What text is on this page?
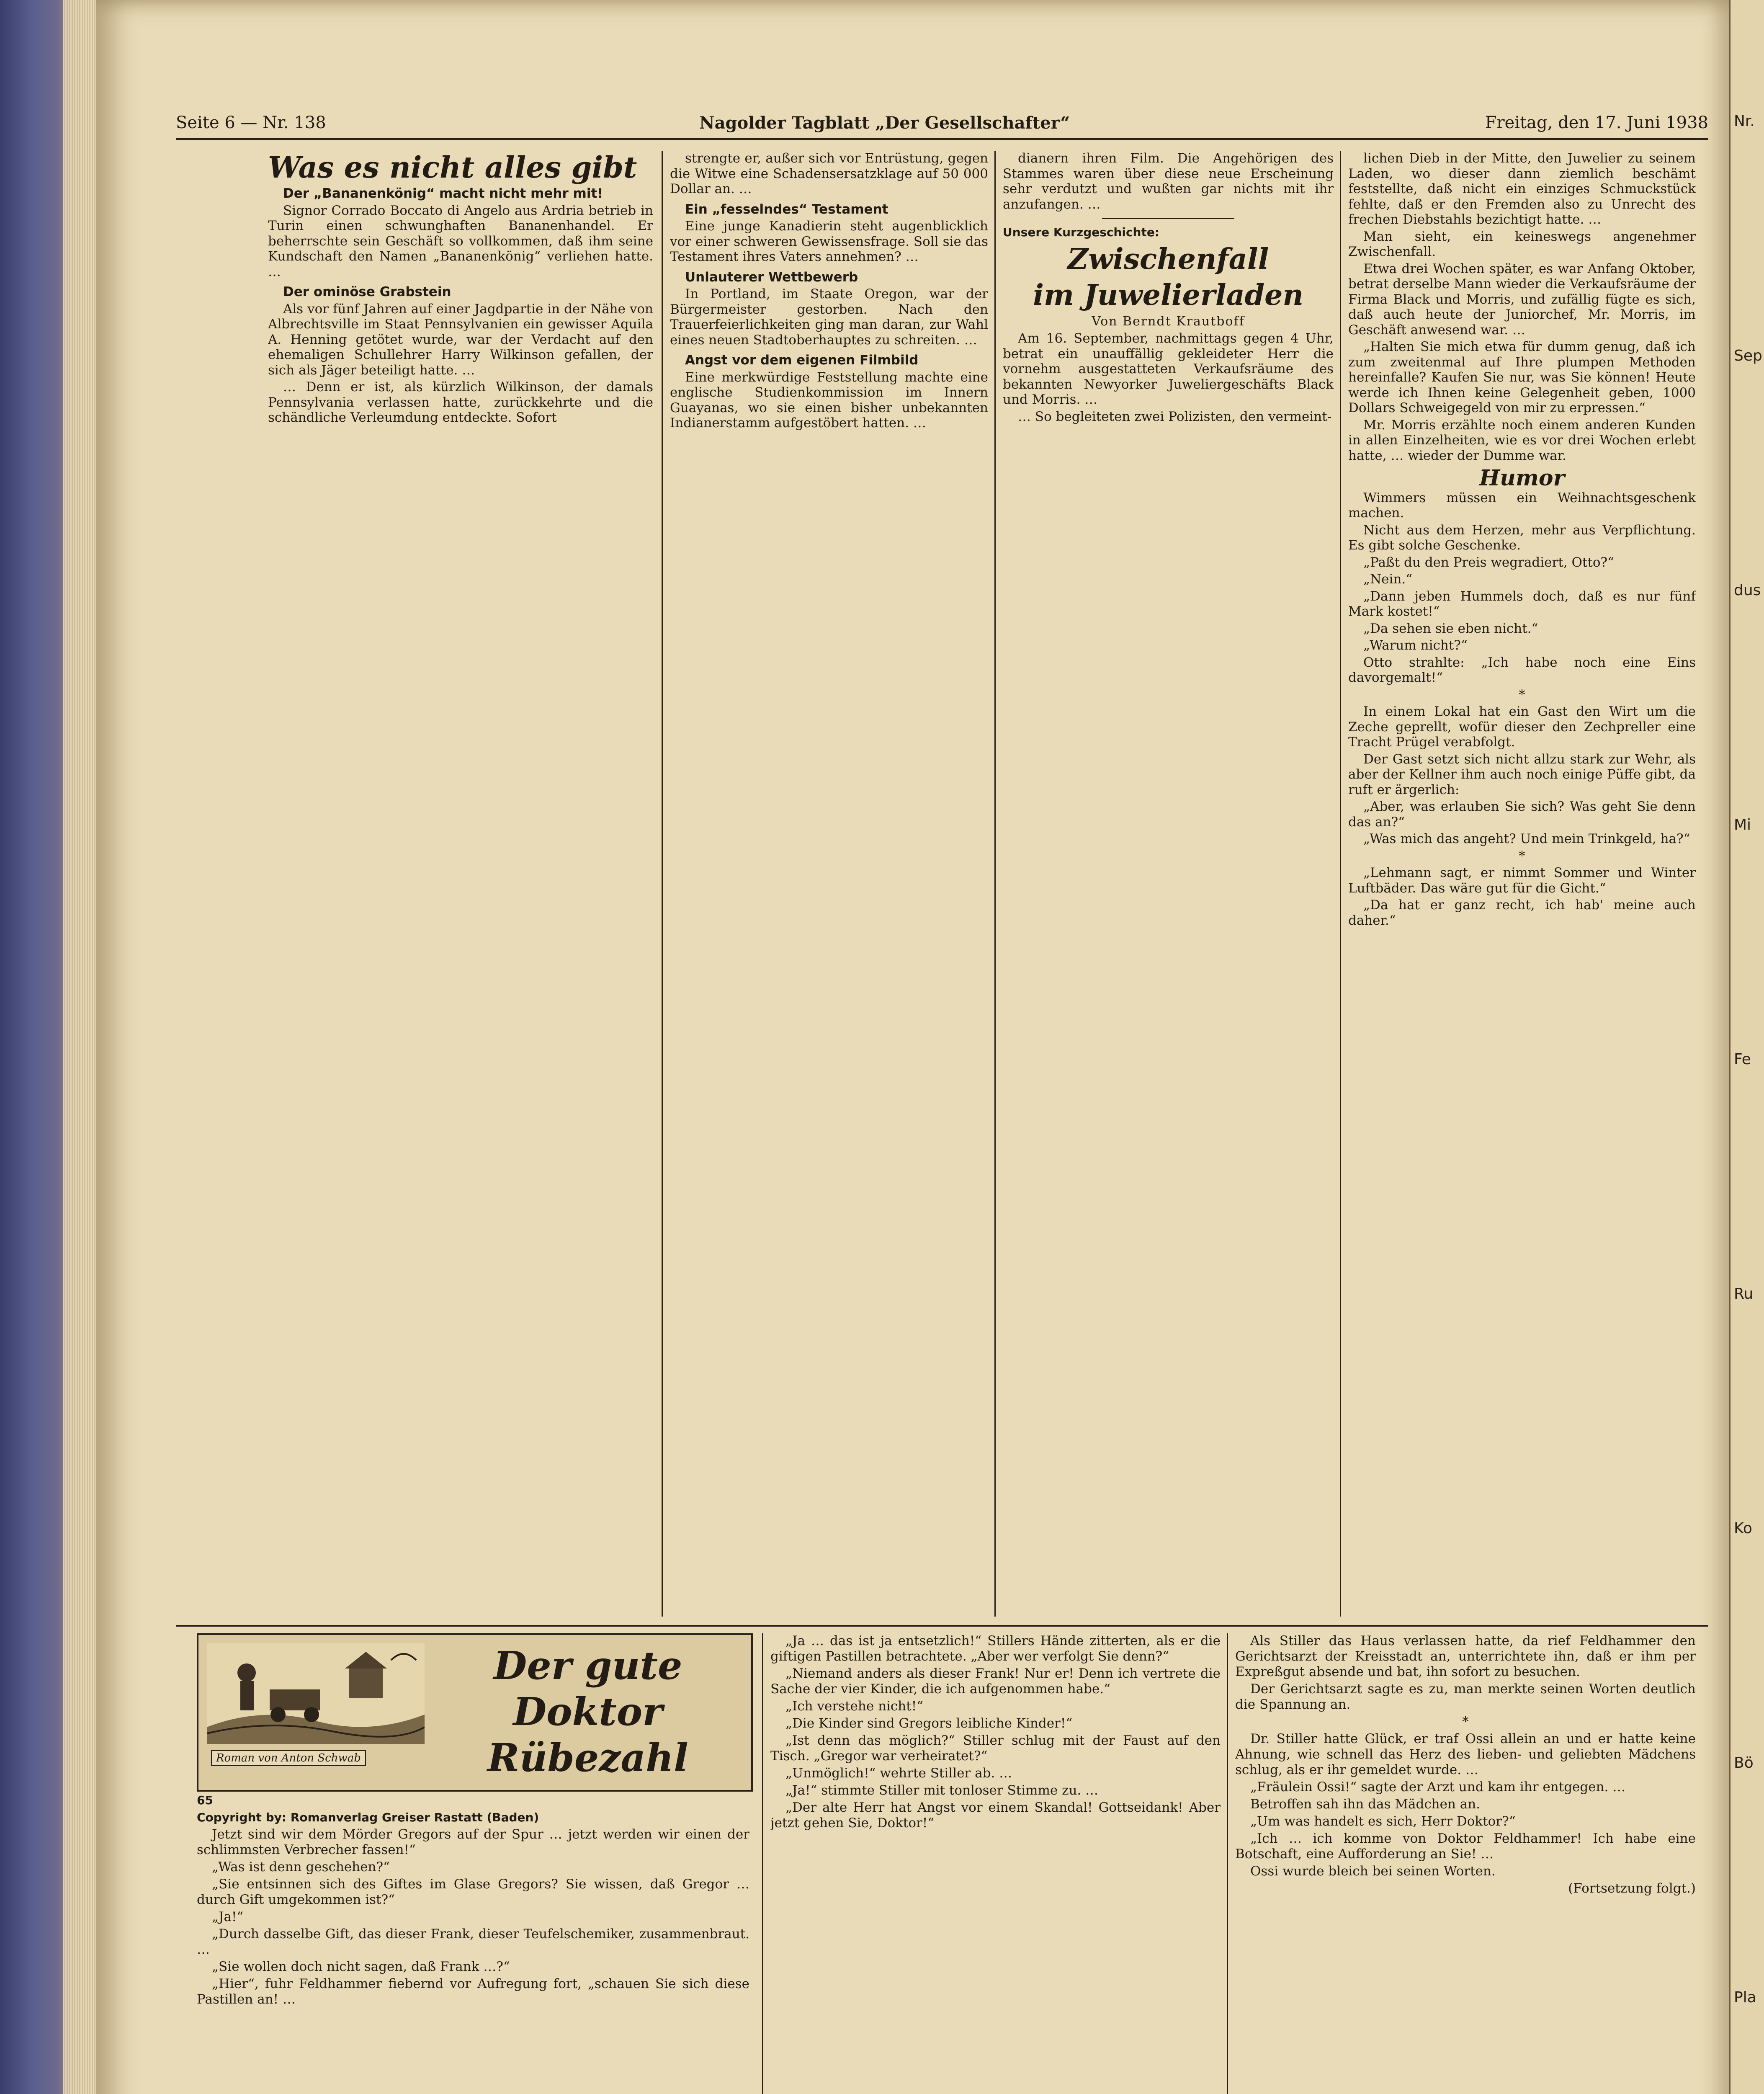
Nr.
Sep
dus
Mi
Fe
Ru
Ko
Bö
Pla
Seite 6 — Nr. 138	Nagolder Tagblatt „Der Gesellschafter“	Freitag, den 17. Juni 1938

Was es nicht alles gibt

Der „Bananenkönig“ macht nicht mehr mit!

Signor Corrado Boccato di Angelo aus Ardria betrieb in Turin einen schwunghaften Bananenhandel. Er beherrschte sein Geschäft so vollkommen, daß ihm seine Kundschaft den Namen „Bananenkönig“ verliehen hatte. …

Der ominöse Grabstein

Als vor fünf Jahren auf einer Jagdpartie in der Nähe von Albrechtsville im Staat Pennsylvanien ein gewisser Aquila A. Henning getötet wurde, war der Verdacht auf den ehemaligen Schullehrer Harry Wilkinson gefallen, der sich als Jäger beteiligt hatte. …

… Denn er ist, als kürzlich Wilkinson, der damals Pennsylvania verlassen hatte, zurückkehrte und die schändliche Verleumdung entdeckte. Sofort

strengte er, außer sich vor Entrüstung, gegen die Witwe eine Schadensersatzklage auf 50 000 Dollar an. …

Ein „fesselndes“ Testament

Eine junge Kanadierin steht augenblicklich vor einer schweren Gewissensfrage. Soll sie das Testament ihres Vaters annehmen? …

Unlauterer Wettbewerb

In Portland, im Staate Oregon, war der Bürgermeister gestorben. Nach den Trauerfeierlichkeiten ging man daran, zur Wahl eines neuen Stadtoberhauptes zu schreiten. …

Angst vor dem eigenen Filmbild

Eine merkwürdige Feststellung machte eine englische Studienkommission im Innern Guayanas, wo sie einen bisher unbekannten Indianerstamm aufgestöbert hatten. …

dianern ihren Film. Die Angehörigen des Stammes waren über diese neue Erscheinung sehr verdutzt und wußten gar nichts mit ihr anzufangen. …

Unsere Kurzgeschichte:

Zwischenfall

im Juwelierladen

Von Berndt Krautboff

Am 16. September, nachmittags gegen 4 Uhr, betrat ein unauffällig gekleideter Herr die vornehm ausgestatteten Verkaufsräume des bekannten Newyorker Juweliergeschäfts Black und Morris. …

… So begleiteten zwei Polizisten, den vermeint-

lichen Dieb in der Mitte, den Juwelier zu seinem Laden, wo dieser dann ziemlich beschämt feststellte, daß nicht ein einziges Schmuckstück fehlte, daß er den Fremden also zu Unrecht des frechen Diebstahls bezichtigt hatte. …

Man sieht, ein keineswegs angenehmer Zwischenfall.

Etwa drei Wochen später, es war Anfang Oktober, betrat derselbe Mann wieder die Verkaufsräume der Firma Black und Morris, und zufällig fügte es sich, daß auch heute der Juniorchef, Mr. Morris, im Geschäft anwesend war. …

„Halten Sie mich etwa für dumm genug, daß ich zum zweitenmal auf Ihre plumpen Methoden hereinfalle? Kaufen Sie nur, was Sie können! Heute werde ich Ihnen keine Gelegenheit geben, 1000 Dollars Schweigegeld von mir zu erpressen.“

Mr. Morris erzählte noch einem anderen Kunden in allen Einzelheiten, wie es vor drei Wochen erlebt hatte, … wieder der Dumme war.

Humor

Wimmers müssen ein Weihnachtsgeschenk machen.

Nicht aus dem Herzen, mehr aus Verpflichtung. Es gibt solche Geschenke.

„Paßt du den Preis wegradiert, Otto?“

„Nein.“

„Dann jeben Hummels doch, daß es nur fünf Mark kostet!“

„Da sehen sie eben nicht.“

„Warum nicht?“

Otto strahlte: „Ich habe noch eine Eins davorgemalt!“

*

In einem Lokal hat ein Gast den Wirt um die Zeche geprellt, wofür dieser den Zechpreller eine Tracht Prügel verabfolgt.

Der Gast setzt sich nicht allzu stark zur Wehr, als aber der Kellner ihm auch noch einige Püffe gibt, da ruft er ärgerlich:

„Aber, was erlauben Sie sich? Was geht Sie denn das an?“

„Was mich das angeht? Und mein Trinkgeld, ha?“

*

„Lehmann sagt, er nimmt Sommer und Winter Luftbäder. Das wäre gut für die Gicht.“

„Da hat er ganz recht, ich hab' meine auch daher.“

Der gute
Doktor Rübezahl
Roman von Anton Schwab

65

Copyright by: Romanverlag Greiser Rastatt (Baden)

Jetzt sind wir dem Mörder Gregors auf der Spur … jetzt werden wir einen der schlimmsten Verbrecher fassen!“

„Was ist denn geschehen?“

„Sie entsinnen sich des Giftes im Glase Gregors? Sie wissen, daß Gregor … durch Gift umgekommen ist?“

„Ja!“

„Durch dasselbe Gift, das dieser Frank, dieser Teufelschemiker, zusammenbraut. …

„Sie wollen doch nicht sagen, daß Frank …?“

„Hier“, fuhr Feldhammer fiebernd vor Aufregung fort, „schauen Sie sich diese Pastillen an! …

„Ja … das ist ja entsetzlich!“ Stillers Hände zitterten, als er die giftigen Pastillen betrachtete. „Aber wer verfolgt Sie denn?“

„Niemand anders als dieser Frank! Nur er! Denn ich vertrete die Sache der vier Kinder, die ich aufgenommen habe.“

„Ich verstehe nicht!“

„Die Kinder sind Gregors leibliche Kinder!“

„Ist denn das möglich?“ Stiller schlug mit der Faust auf den Tisch. „Gregor war verheiratet?“

„Unmöglich!“ wehrte Stiller ab. …

„Ja!“ stimmte Stiller mit tonloser Stimme zu. …

„Der alte Herr hat Angst vor einem Skandal! Gottseidank! Aber jetzt gehen Sie, Doktor!“

Als Stiller das Haus verlassen hatte, da rief Feldhammer den Gerichtsarzt der Kreisstadt an, unterrichtete ihn, daß er ihm per Expreßgut absende und bat, ihn sofort zu besuchen.

Der Gerichtsarzt sagte es zu, man merkte seinen Worten deutlich die Spannung an.

*

Dr. Stiller hatte Glück, er traf Ossi allein an und er hatte keine Ahnung, wie schnell das Herz des lieben- und geliebten Mädchens schlug, als er ihr gemeldet wurde. …

„Fräulein Ossi!“ sagte der Arzt und kam ihr entgegen. …

Betroffen sah ihn das Mädchen an.

„Um was handelt es sich, Herr Doktor?“

„Ich … ich komme von Doktor Feldhammer! Ich habe eine Botschaft, eine Aufforderung an Sie! …

Ossi wurde bleich bei seinen Worten.

(Fortsetzung folgt.)
